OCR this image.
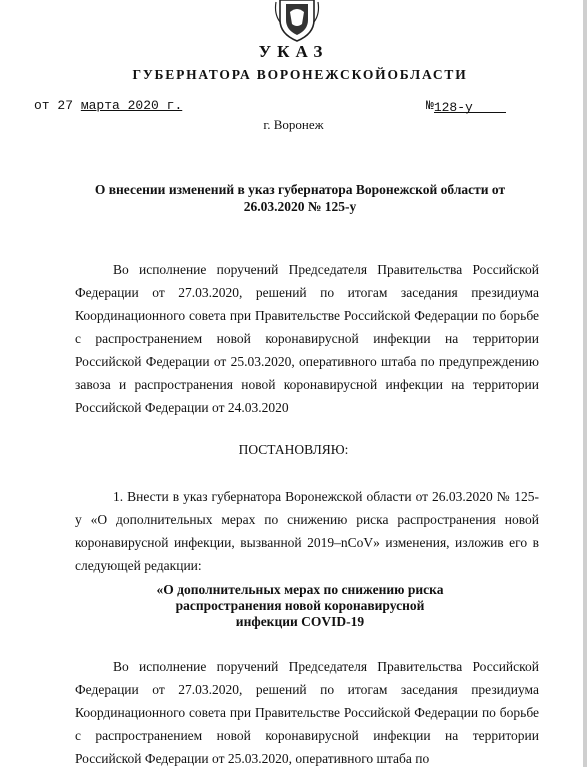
УКАЗ
ГУБЕРНАТОРА ВОРОНЕЖСКОЙОБЛАСТИ
от 27 марта 2020 г.	№128-у
г. Воронеж
О внесении изменений в указ губернатора Воронежской области от
26.03.2020 № 125-у

Во исполнение поручений Председателя Правительства Российской Федерации от 27.03.2020, решений по итогам заседания президиума Координационного совета при Правительстве Российской Федерации по борьбе с распространением новой коронавирусной инфекции на территории Российской Федерации от 25.03.2020, оперативного штаба по предупреждению завоза и распространения новой коронавирусной инфекции на территории Российской Федерации от 24.03.2020

ПОСТАНОВЛЯЮ:

1. Внести в указ губернатора Воронежской области от 26.03.2020 № 125-у «О дополнительных мерах по снижению риска распространения новой коронавирусной инфекции, вызванной 2019–nCoV» изменения, изложив его в следующей редакции:

«О дополнительных мерах по снижению риска
распространения новой коронавирусной
инфекции COVID-19

Во исполнение поручений Председателя Правительства Российской Федерации от 27.03.2020, решений по итогам заседания президиума Координационного совета при Правительстве Российской Федерации по борьбе с распространением новой коронавирусной инфекции на территории Российской Федерации от 25.03.2020, оперативного штаба по
